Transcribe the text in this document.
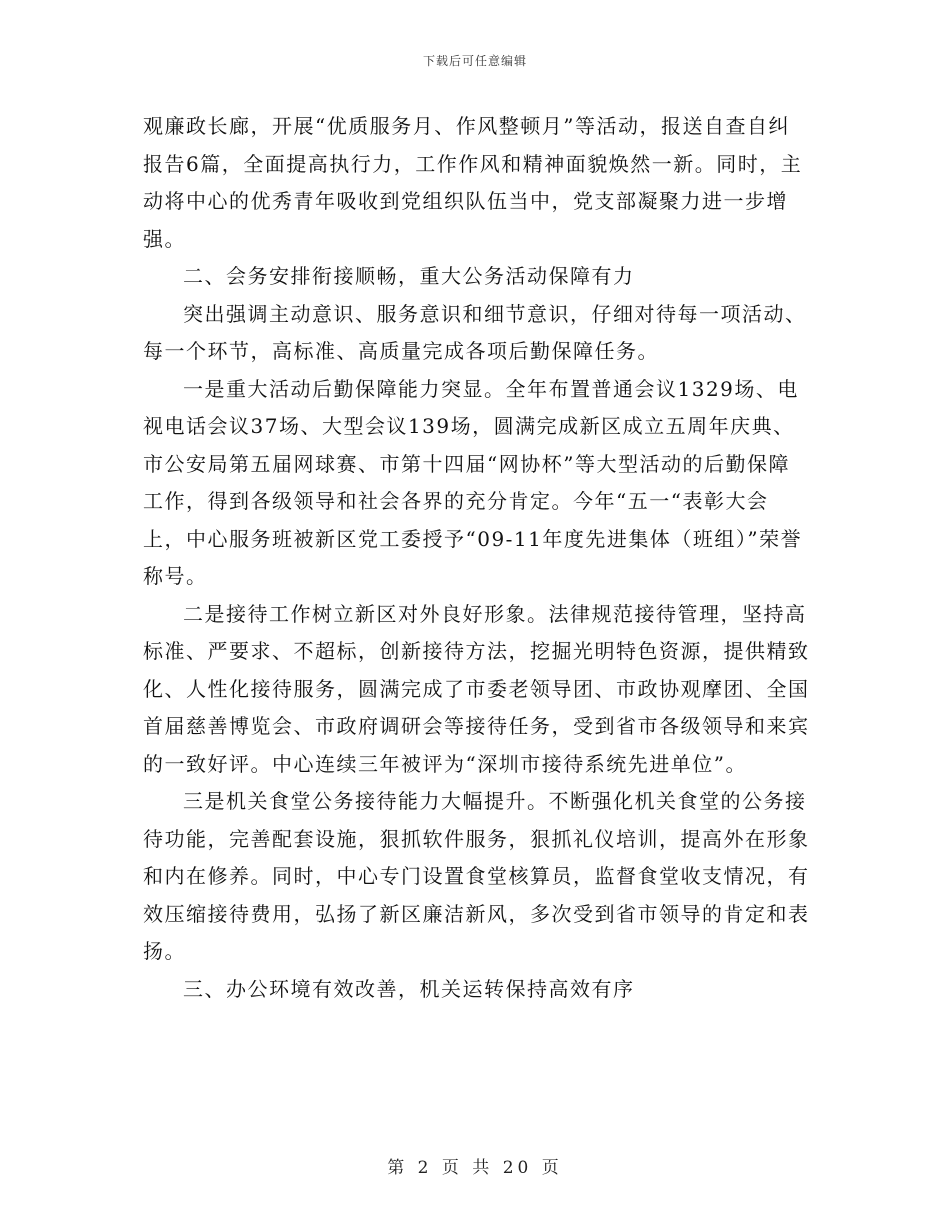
下载后可任意编辑

观廉政长廊，开展“优质服务月、作风整顿月”等活动，报送自查自纠报告6篇，全面提高执行力，工作作风和精神面貌焕然一新。同时，主动将中心的优秀青年吸收到党组织队伍当中，党支部凝聚力进一步增强。

二、会务安排衔接顺畅，重大公务活动保障有力

突出强调主动意识、服务意识和细节意识，仔细对待每一项活动、每一个环节，高标准、高质量完成各项后勤保障任务。

一是重大活动后勤保障能力突显。全年布置普通会议1329场、电视电话会议37场、大型会议139场，圆满完成新区成立五周年庆典、市公安局第五届网球赛、市第十四届“网协杯”等大型活动的后勤保障工作，得到各级领导和社会各界的充分肯定。今年“五一“表彰大会上，中心服务班被新区党工委授予“09-11年度先进集体（班组）”荣誉称号。

二是接待工作树立新区对外良好形象。法律规范接待管理，坚持高标准、严要求、不超标，创新接待方法，挖掘光明特色资源，提供精致化、人性化接待服务，圆满完成了市委老领导团、市政协观摩团、全国首届慈善博览会、市政府调研会等接待任务，受到省市各级领导和来宾的一致好评。中心连续三年被评为“深圳市接待系统先进单位”。

三是机关食堂公务接待能力大幅提升。不断强化机关食堂的公务接待功能，完善配套设施，狠抓软件服务，狠抓礼仪培训，提高外在形象和内在修养。同时，中心专门设置食堂核算员，监督食堂收支情况，有效压缩接待费用，弘扬了新区廉洁新风，多次受到省市领导的肯定和表扬。

三、办公环境有效改善，机关运转保持高效有序

第 2 页 共 20 页
